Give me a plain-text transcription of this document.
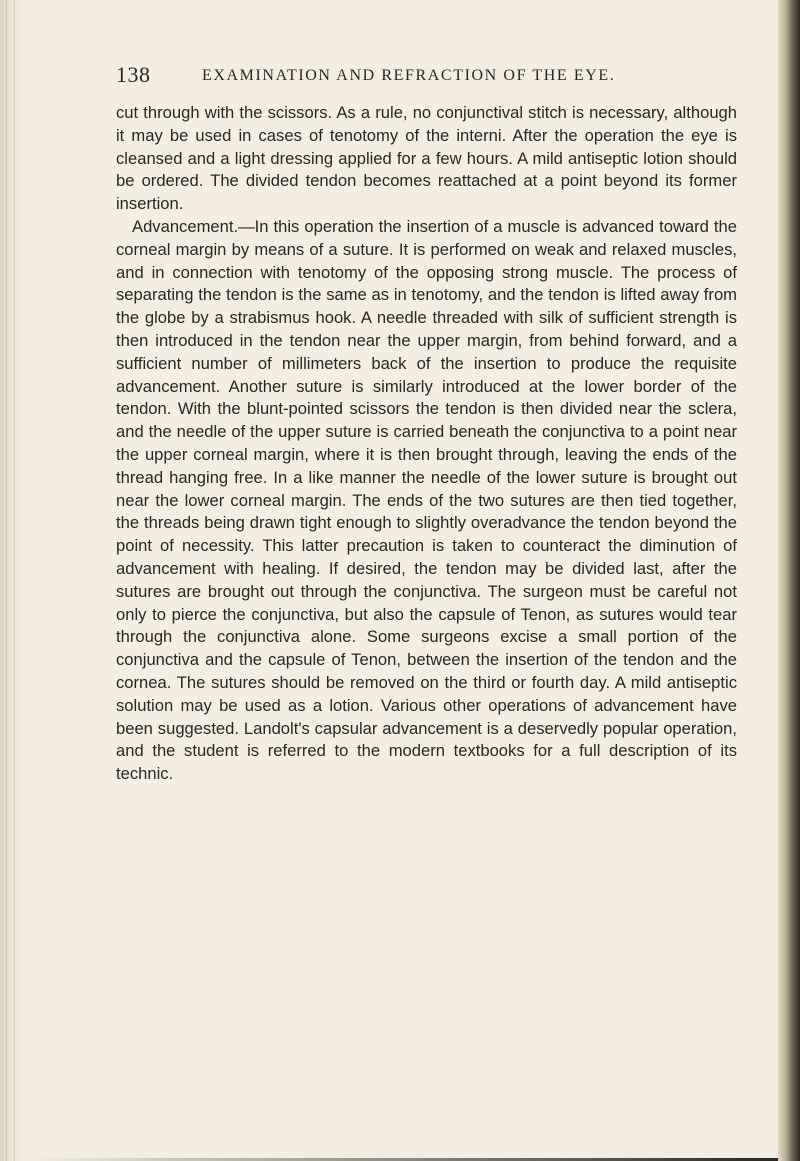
138	EXAMINATION AND REFRACTION OF THE EYE.

cut through with the scissors. As a rule, no conjunctival stitch is necessary, although it may be used in cases of tenotomy of the interni. After the operation the eye is cleansed and a light dressing applied for a few hours. A mild antiseptic lotion should be ordered. The divided tendon becomes reattached at a point beyond its former insertion.

Advancement.—In this operation the insertion of a muscle is advanced toward the corneal margin by means of a suture. It is performed on weak and relaxed muscles, and in connection with tenotomy of the opposing strong muscle. The process of separating the tendon is the same as in tenotomy, and the tendon is lifted away from the globe by a strabismus hook. A needle threaded with silk of sufficient strength is then introduced in the tendon near the upper margin, from behind forward, and a sufficient number of millimeters back of the insertion to produce the requisite advancement. Another suture is similarly introduced at the lower border of the tendon. With the blunt-pointed scissors the tendon is then divided near the sclera, and the needle of the upper suture is carried beneath the conjunctiva to a point near the upper corneal margin, where it is then brought through, leaving the ends of the thread hanging free. In a like manner the needle of the lower suture is brought out near the lower corneal margin. The ends of the two sutures are then tied together, the threads being drawn tight enough to slightly overadvance the tendon beyond the point of necessity. This latter precaution is taken to counteract the diminution of advancement with healing. If desired, the tendon may be divided last, after the sutures are brought out through the conjunctiva. The surgeon must be careful not only to pierce the conjunctiva, but also the capsule of Tenon, as sutures would tear through the conjunctiva alone. Some surgeons excise a small portion of the conjunctiva and the capsule of Tenon, between the insertion of the tendon and the cornea. The sutures should be removed on the third or fourth day. A mild antiseptic solution may be used as a lotion. Various other operations of advancement have been suggested. Landolt's capsular advancement is a deservedly popular operation, and the student is referred to the modern textbooks for a full description of its technic.
